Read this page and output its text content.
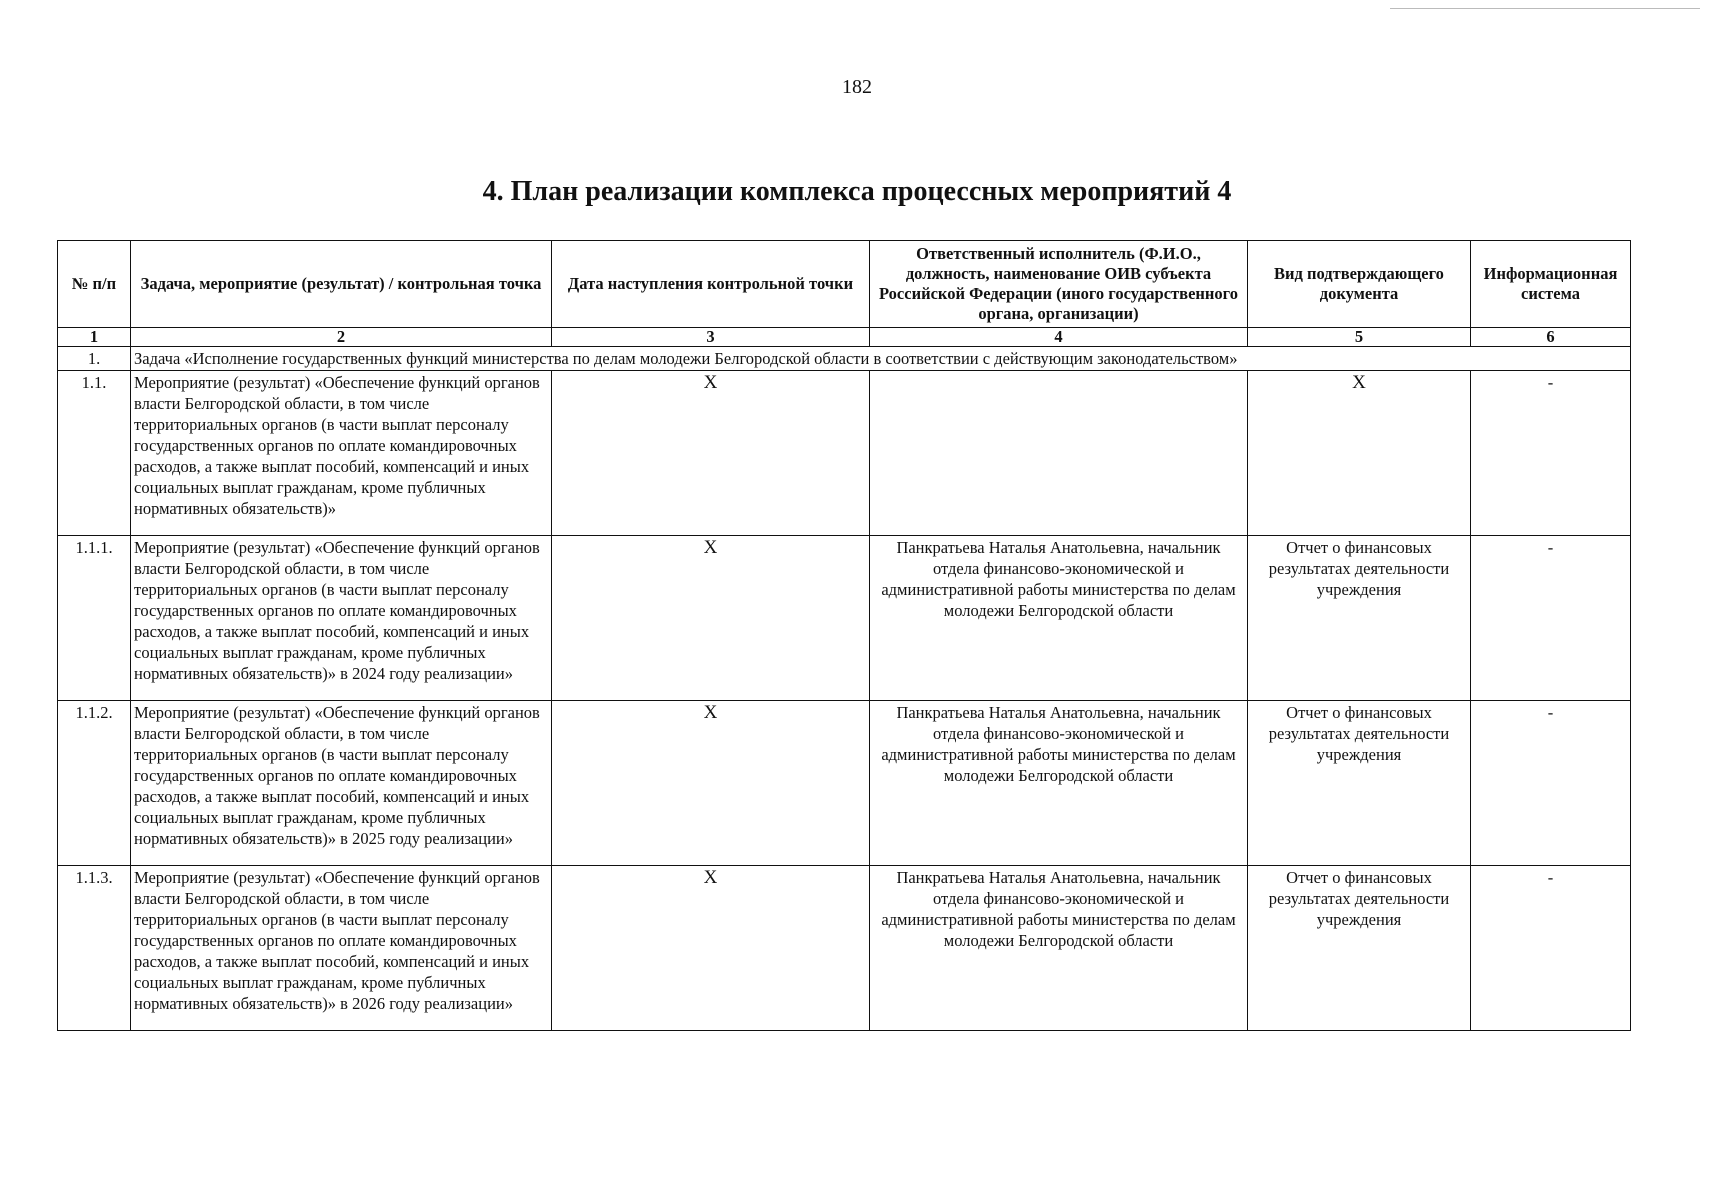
182
4. План реализации комплекса процессных мероприятий 4
№ п/п	Задача, мероприятие (результат) / контрольная точка	Дата наступления контрольной точки	Ответственный исполнитель (Ф.И.О., должность, наименование ОИВ субъекта Российской Федерации (иного государственного органа, организации)	Вид подтверждающего документа	Информационная система
1	2	3	4	5	6
1.	Задача «Исполнение государственных функций министерства по делам молодежи Белгородской области в соответствии с действующим законодательством»				
1.1.	Мероприятие (результат) «Обеспечение функций органов власти Белгородской области, в том числе территориальных органов (в части выплат персоналу государственных органов по оплате командировочных расходов, а также выплат пособий, компенсаций и иных социальных выплат гражданам, кроме публичных нормативных обязательств)»	X		X	-
1.1.1.	Мероприятие (результат) «Обеспечение функций органов власти Белгородской области, в том числе территориальных органов (в части выплат персоналу государственных органов по оплате командировочных расходов, а также выплат пособий, компенсаций и иных социальных выплат гражданам, кроме публичных нормативных обязательств)» в 2024 году реализации»	X	Панкратьева Наталья Анатольевна, начальник отдела финансово-экономической и административной работы министерства по делам молодежи Белгородской области	Отчет о финансовых результатах деятельности учреждения	-
1.1.2.	Мероприятие (результат) «Обеспечение функций органов власти Белгородской области, в том числе территориальных органов (в части выплат персоналу государственных органов по оплате командировочных расходов, а также выплат пособий, компенсаций и иных социальных выплат гражданам, кроме публичных нормативных обязательств)» в 2025 году реализации»	X	Панкратьева Наталья Анатольевна, начальник отдела финансово-экономической и административной работы министерства по делам молодежи Белгородской области	Отчет о финансовых результатах деятельности учреждения	-
1.1.3.	Мероприятие (результат) «Обеспечение функций органов власти Белгородской области, в том числе территориальных органов (в части выплат персоналу государственных органов по оплате командировочных расходов, а также выплат пособий, компенсаций и иных социальных выплат гражданам, кроме публичных нормативных обязательств)» в 2026 году реализации»	X	Панкратьева Наталья Анатольевна, начальник отдела финансово-экономической и административной работы министерства по делам молодежи Белгородской области	Отчет о финансовых результатах деятельности учреждения	-
